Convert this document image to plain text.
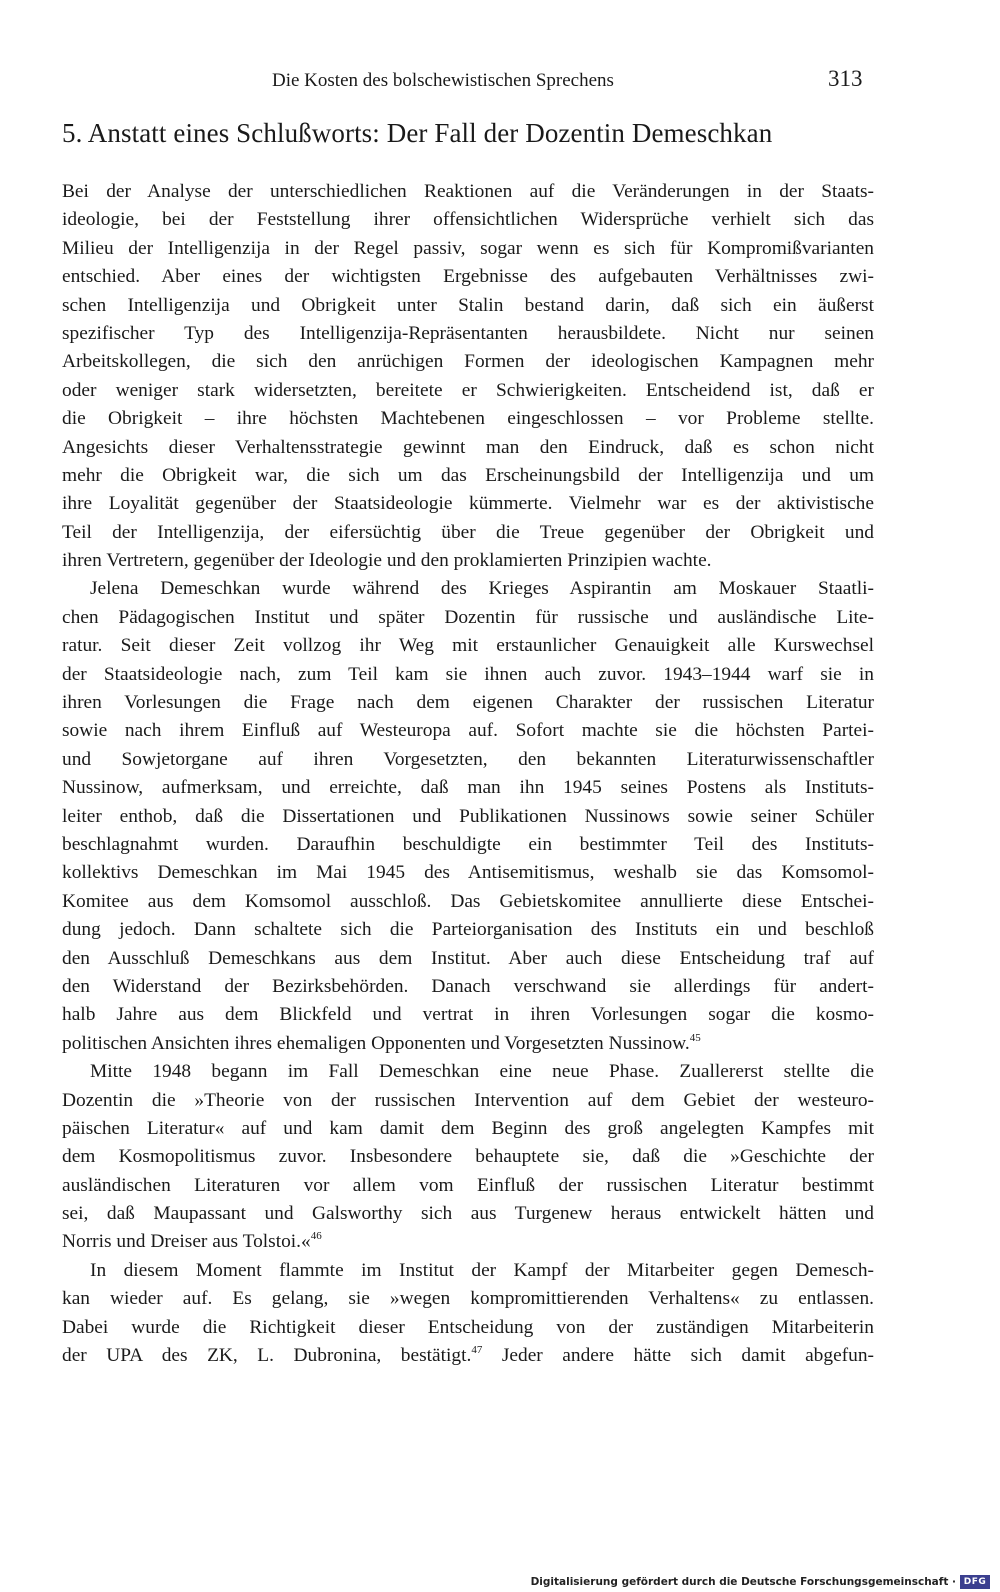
Die Kosten des bolschewistischen Sprechens	313
5. Anstatt eines Schlußworts: Der Fall der Dozentin Demeschkan
Bei der Analyse der unterschiedlichen Reaktionen auf die Veränderungen in der Staats-
ideologie, bei der Feststellung ihrer offensichtlichen Widersprüche verhielt sich das
Milieu der Intelligenzija in der Regel passiv, sogar wenn es sich für Kompromißvarianten
entschied. Aber eines der wichtigsten Ergebnisse des aufgebauten Verhältnisses zwi-
schen Intelligenzija und Obrigkeit unter Stalin bestand darin, daß sich ein äußerst
spezifischer Typ des Intelligenzija-Repräsentanten herausbildete. Nicht nur seinen
Arbeitskollegen, die sich den anrüchigen Formen der ideologischen Kampagnen mehr
oder weniger stark widersetzten, bereitete er Schwierigkeiten. Entscheidend ist, daß er
die Obrigkeit – ihre höchsten Machtebenen eingeschlossen – vor Probleme stellte.
Angesichts dieser Verhaltensstrategie gewinnt man den Eindruck, daß es schon nicht
mehr die Obrigkeit war, die sich um das Erscheinungsbild der Intelligenzija und um
ihre Loyalität gegenüber der Staatsideologie kümmerte. Vielmehr war es der aktivistische
Teil der Intelligenzija, der eifersüchtig über die Treue gegenüber der Obrigkeit und
ihren Vertretern, gegenüber der Ideologie und den proklamierten Prinzipien wachte.
Jelena Demeschkan wurde während des Krieges Aspirantin am Moskauer Staatli-
chen Pädagogischen Institut und später Dozentin für russische und ausländische Lite-
ratur. Seit dieser Zeit vollzog ihr Weg mit erstaunlicher Genauigkeit alle Kurswechsel
der Staatsideologie nach, zum Teil kam sie ihnen auch zuvor. 1943–1944 warf sie in
ihren Vorlesungen die Frage nach dem eigenen Charakter der russischen Literatur
sowie nach ihrem Einfluß auf Westeuropa auf. Sofort machte sie die höchsten Partei-
und Sowjetorgane auf ihren Vorgesetzten, den bekannten Literaturwissenschaftler
Nussinow, aufmerksam, und erreichte, daß man ihn 1945 seines Postens als Instituts-
leiter enthob, daß die Dissertationen und Publikationen Nussinows sowie seiner Schüler
beschlagnahmt wurden. Daraufhin beschuldigte ein bestimmter Teil des Instituts-
kollektivs Demeschkan im Mai 1945 des Antisemitismus, weshalb sie das Komsomol-
Komitee aus dem Komsomol ausschloß. Das Gebietskomitee annullierte diese Entschei-
dung jedoch. Dann schaltete sich die Parteiorganisation des Instituts ein und beschloß
den Ausschluß Demeschkans aus dem Institut. Aber auch diese Entscheidung traf auf
den Widerstand der Bezirksbehörden. Danach verschwand sie allerdings für andert-
halb Jahre aus dem Blickfeld und vertrat in ihren Vorlesungen sogar die kosmo-
politischen Ansichten ihres ehemaligen Opponenten und Vorgesetzten Nussinow.$^{45}$
Mitte 1948 begann im Fall Demeschkan eine neue Phase. Zuallererst stellte die
Dozentin die »Theorie von der russischen Intervention auf dem Gebiet der westeuro-
päischen Literatur« auf und kam damit dem Beginn des groß angelegten Kampfes mit
dem Kosmopolitismus zuvor. Insbesondere behauptete sie, daß die »Geschichte der
ausländischen Literaturen vor allem vom Einfluß der russischen Literatur bestimmt
sei, daß Maupassant und Galsworthy sich aus Turgenew heraus entwickelt hätten und
Norris und Dreiser aus Tolstoi.«$^{46}$
In diesem Moment flammte im Institut der Kampf der Mitarbeiter gegen Demesch-
kan wieder auf. Es gelang, sie »wegen kompromittierenden Verhaltens« zu entlassen.
Dabei wurde die Richtigkeit dieser Entscheidung von der zuständigen Mitarbeiterin
der UPA des ZK, L. Dubronina, bestätigt.$^{47}$ Jeder andere hätte sich damit abgefun-
Digitalisierung gefördert durch die Deutsche Forschungsgemeinschaft · DFG
